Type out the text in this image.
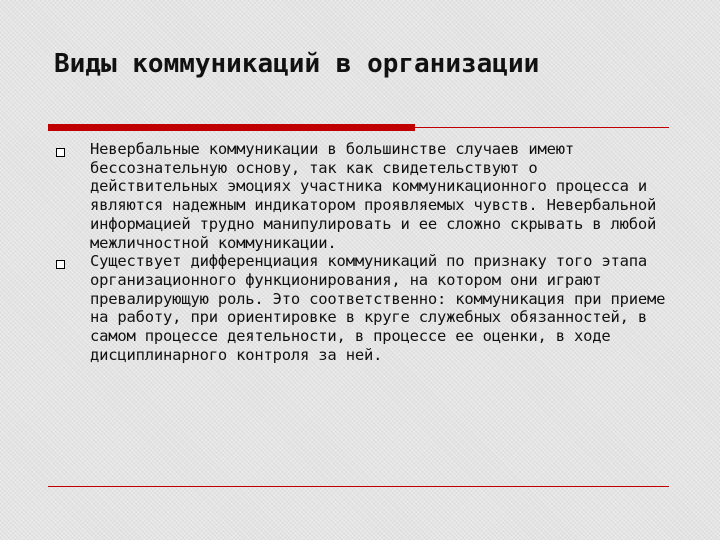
Виды коммуникаций в организации
Невербальные коммуникации в большинстве случаев имеют бессознательную основу, так как свидетельствуют о действительных эмоциях участника коммуникационного процесса и являются надежным индикатором проявляемых чувств. Невербальной информацией трудно манипулировать и ее сложно скрывать в любой межличностной коммуникации.
Существует дифференциация коммуникаций по признаку того этапа организационного функционирования, на котором они играют превалирующую роль. Это соответственно: коммуникация при приеме на работу, при ориентировке в круге служебных обязанностей, в самом процессе деятельности, в процессе ее оценки, в ходе дисциплинарного контроля за ней.
